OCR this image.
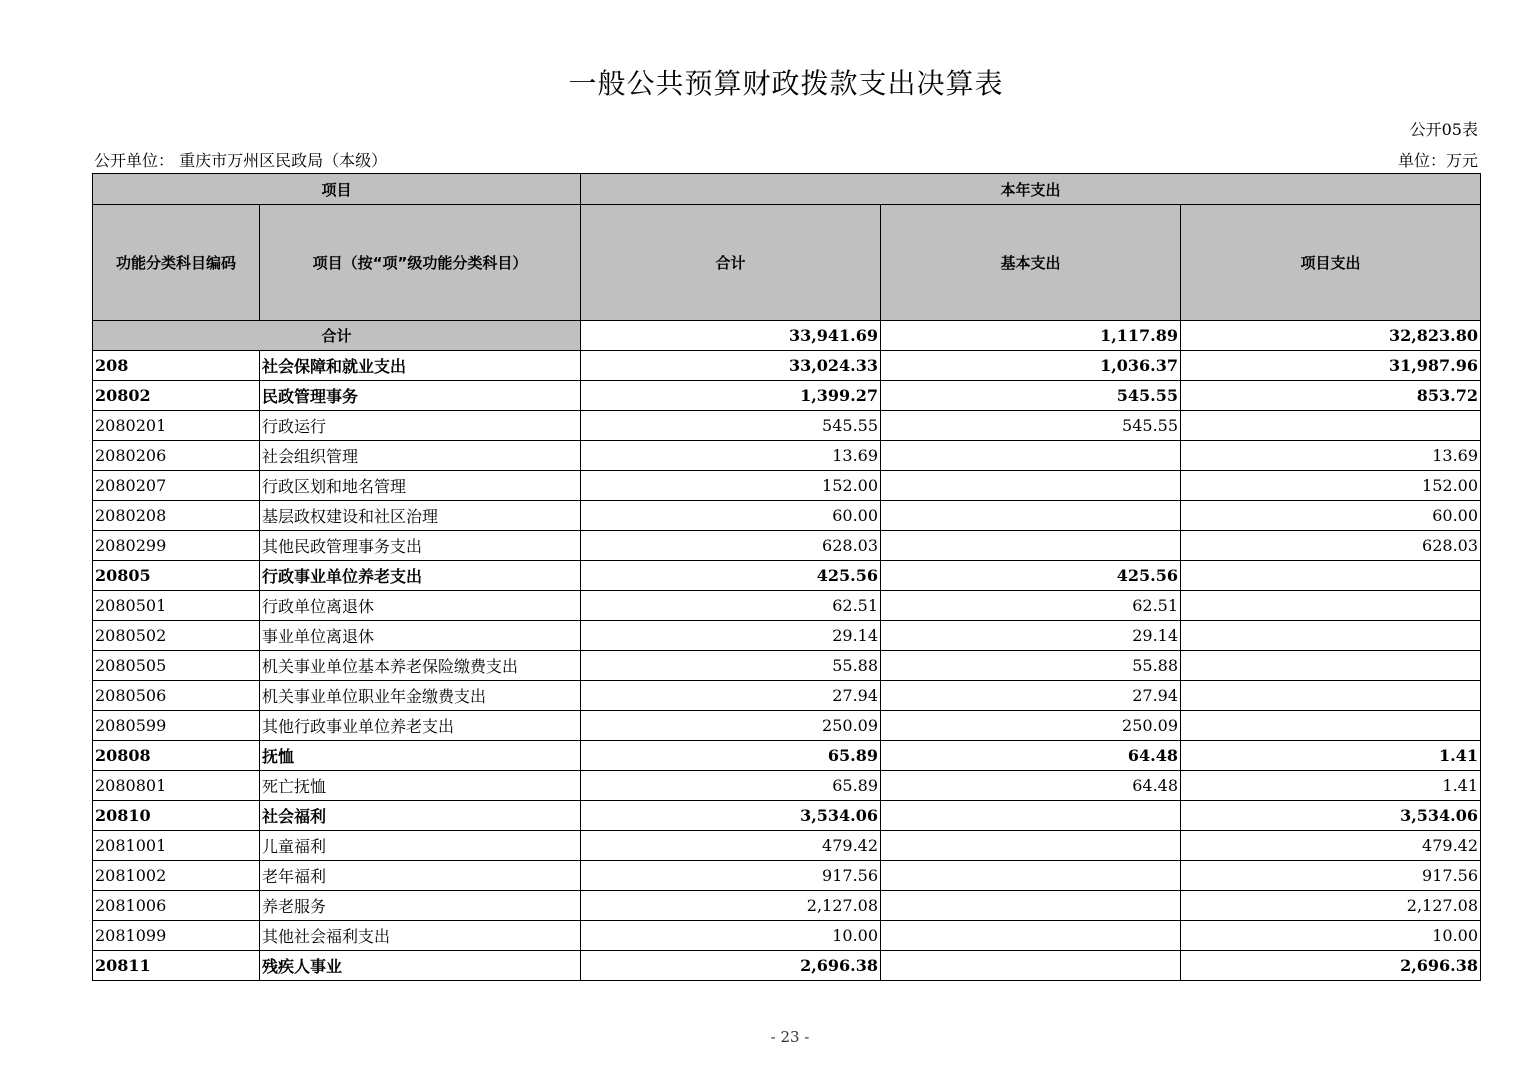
一般公共预算财政拨款支出决算表
公开05表
公开单位： 重庆市万州区民政局（本级）	单位：万元
项目		本年支出		
功能分类科目编码	项目（按“项”级功能分类科目）	合计	基本支出	项目支出
合计		33,941.69	1,117.89	32,823.80
208	社会保障和就业支出	33,024.33	1,036.37	31,987.96
20802	民政管理事务	1,399.27	545.55	853.72
2080201	行政运行	545.55	545.55	
2080206	社会组织管理	13.69		13.69
2080207	行政区划和地名管理	152.00		152.00
2080208	基层政权建设和社区治理	60.00		60.00
2080299	其他民政管理事务支出	628.03		628.03
20805	行政事业单位养老支出	425.56	425.56	
2080501	行政单位离退休	62.51	62.51	
2080502	事业单位离退休	29.14	29.14	
2080505	机关事业单位基本养老保险缴费支出	55.88	55.88	
2080506	机关事业单位职业年金缴费支出	27.94	27.94	
2080599	其他行政事业单位养老支出	250.09	250.09	
20808	抚恤	65.89	64.48	1.41
2080801	死亡抚恤	65.89	64.48	1.41
20810	社会福利	3,534.06		3,534.06
2081001	儿童福利	479.42		479.42
2081002	老年福利	917.56		917.56
2081006	养老服务	2,127.08		2,127.08
2081099	其他社会福利支出	10.00		10.00
20811	残疾人事业	2,696.38		2,696.38
- 23 -
